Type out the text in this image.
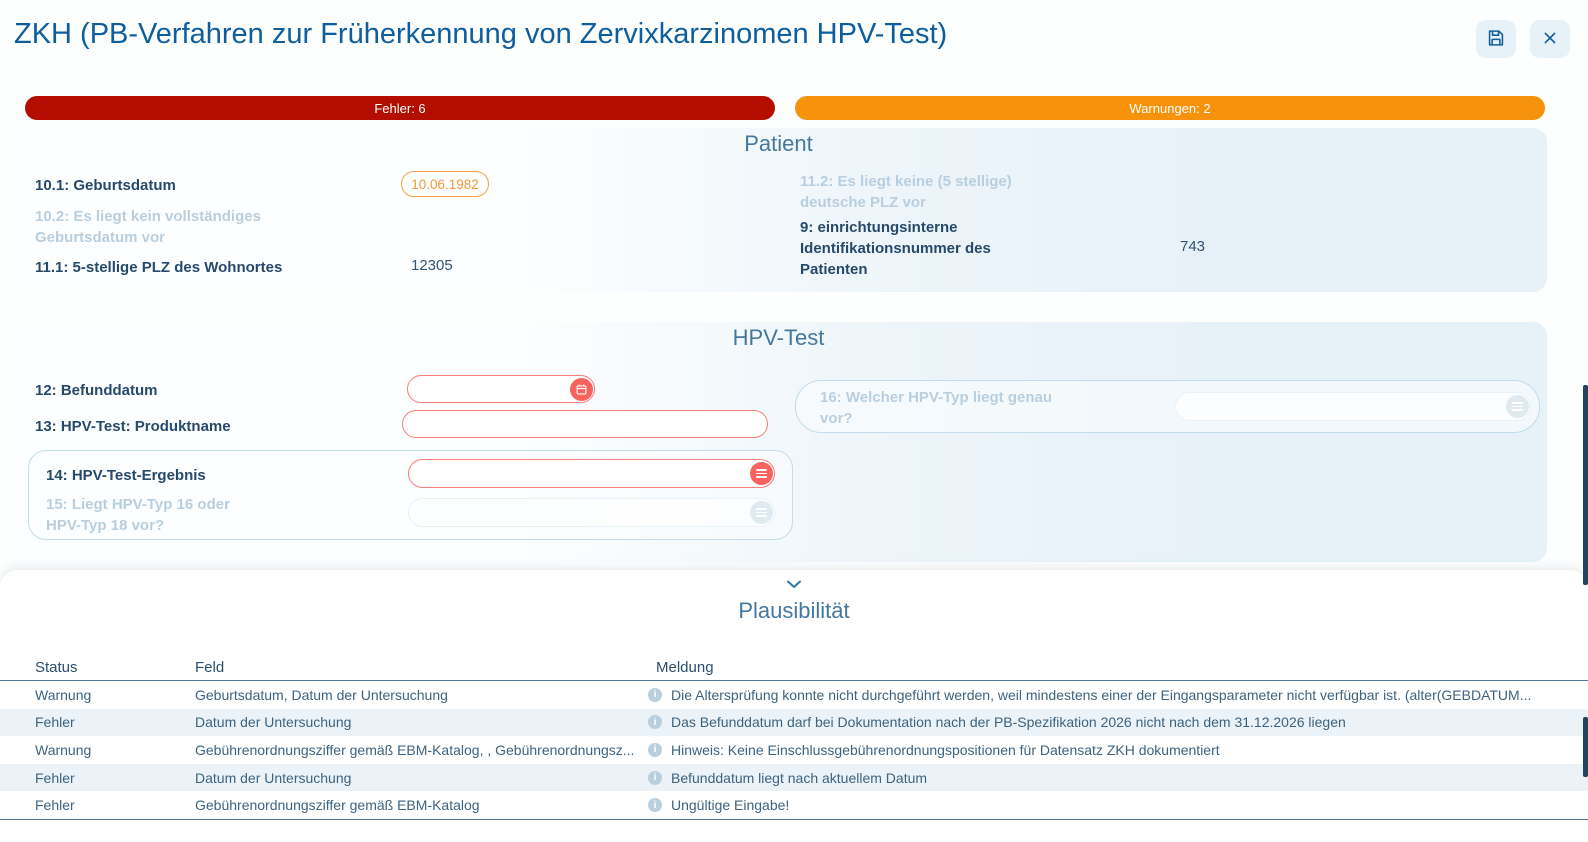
ZKH (PB-Verfahren zur Früherkennung von Zervixkarzinomen HPV-Test)
Fehler: 6	Warnungen: 2
Patient
10.1: Geburtsdatum	10.06.1982
10.2: Es liegt kein vollständiges
Geburtsdatum vor
11.1: 5-stellige PLZ des Wohnortes	12305
11.2: Es liegt keine (5 stellige)
deutsche PLZ vor
9: einrichtungsinterne
Identifikationsnummer des
Patienten
743
HPV-Test
12: Befunddatum
13: HPV-Test: Produktname
14: HPV-Test-Ergebnis
15: Liegt HPV-Typ 16 oder
HPV-Typ 18 vor?
16: Welcher HPV-Typ liegt genau
vor?
Plausibilität
Status	Feld	Meldung
Warnung	Geburtsdatum, Datum der Untersuchung	i	Die Altersprüfung konnte nicht durchgeführt werden, weil mindestens einer der Eingangsparameter nicht verfügbar ist. (alter(GEBDATUM...
Fehler	Datum der Untersuchung	i	Das Befunddatum darf bei Dokumentation nach der PB-Spezifikation 2026 nicht nach dem 31.12.2026 liegen
Warnung	Gebührenordnungsziffer gemäß EBM-Katalog, , Gebührenordnungsz...	i	Hinweis: Keine Einschlussgebührenordnungspositionen für Datensatz ZKH dokumentiert
Fehler	Datum der Untersuchung	i	Befunddatum liegt nach aktuellem Datum
Fehler	Gebührenordnungsziffer gemäß EBM-Katalog	i	Ungültige Eingabe!
